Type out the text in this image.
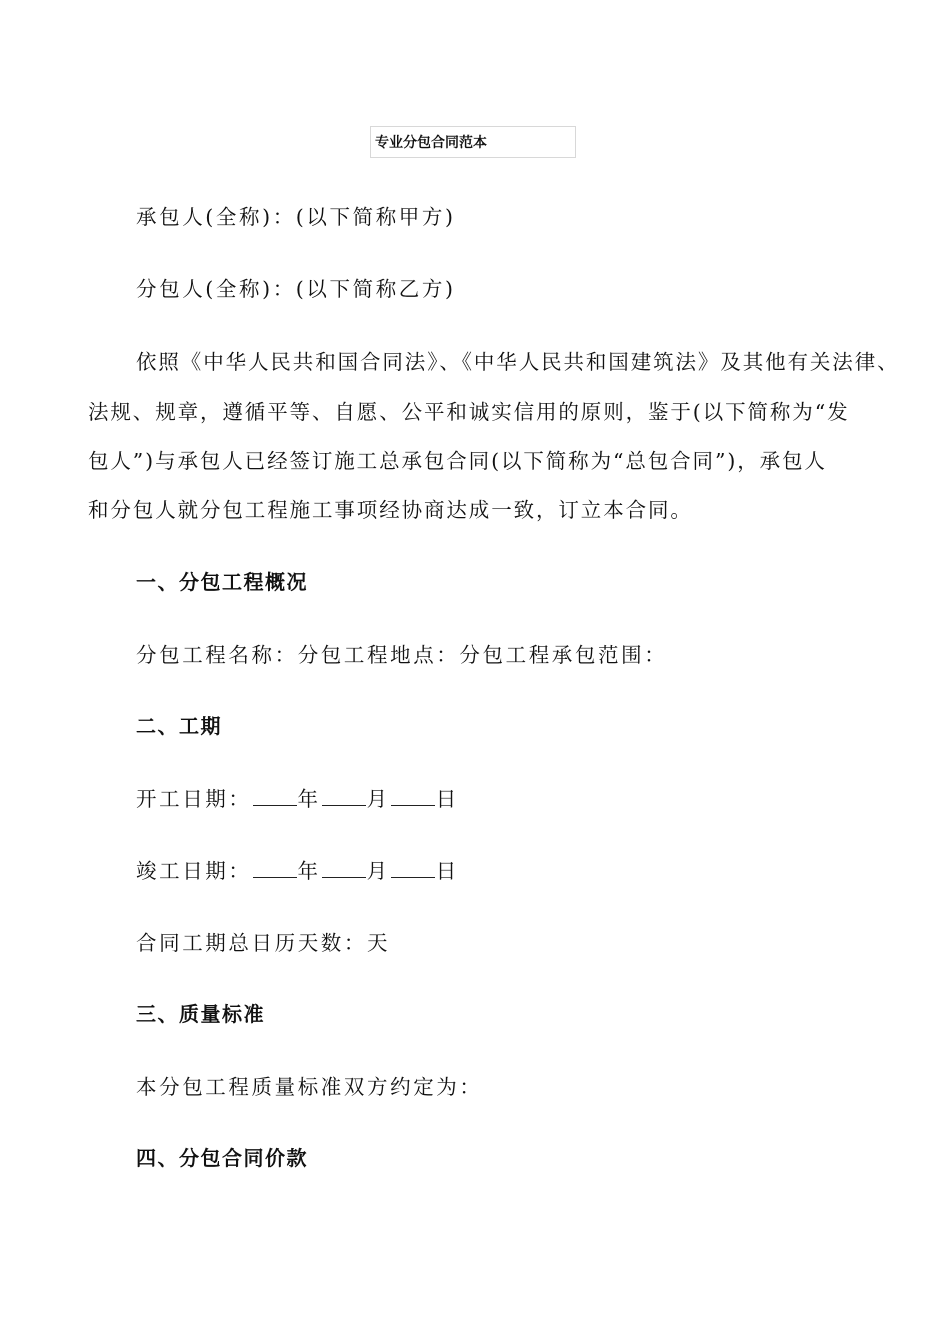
专业分包合同范本
承包人(全称)：(以下简称甲方)
分包人(全称)：(以下简称乙方)
依照《中华人民共和国合同法》、《中华人民共和国建筑法》及其他有关法律、
法规、规章，遵循平等、自愿、公平和诚实信用的原则，鉴于(以下简称为“发
包人”)与承包人已经签订施工总承包合同(以下简称为“总包合同”)，承包人
和分包人就分包工程施工事项经协商达成一致，订立本合同。
一、分包工程概况
分包工程名称：分包工程地点：分包工程承包范围：
二、工期
开工日期： 年 月 日
竣工日期： 年 月 日
合同工期总日历天数：天
三、质量标准
本分包工程质量标准双方约定为：
四、分包合同价款
